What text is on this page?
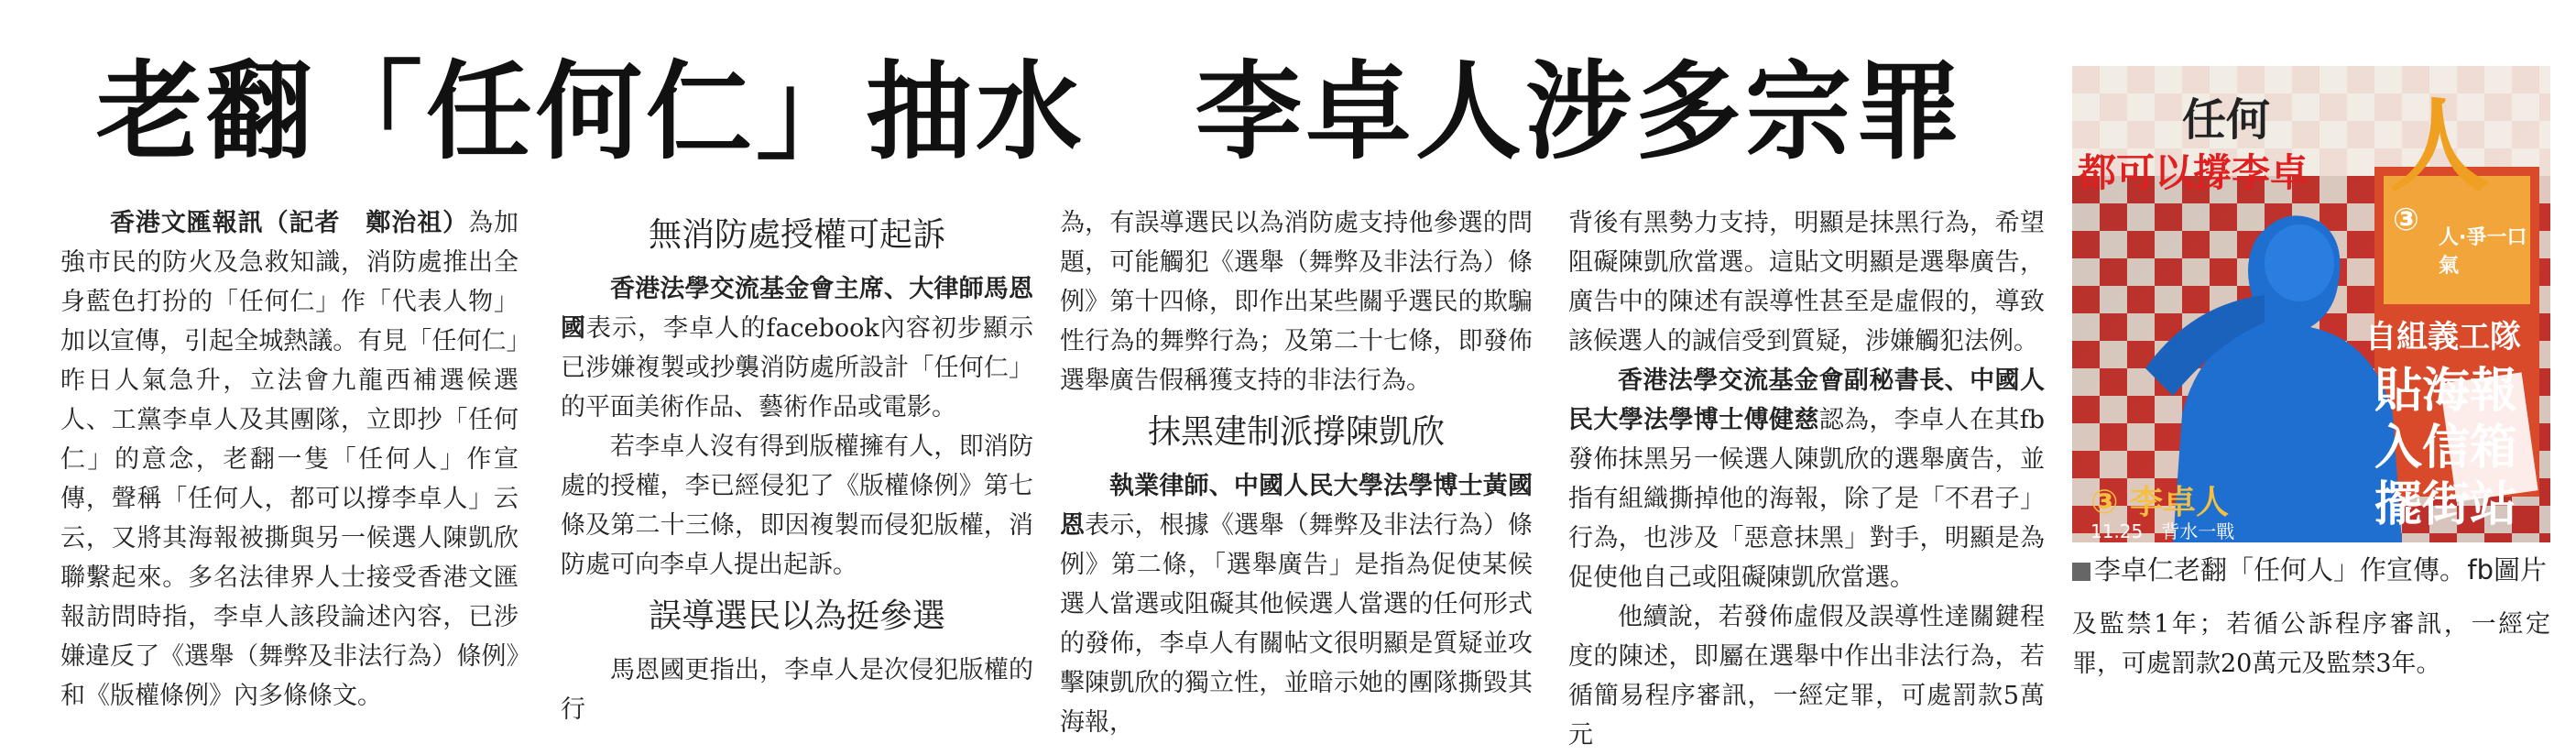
老翻「任何仁」抽水　李卓人涉多宗罪

香港文匯報訊（記者　鄭治祖）為加強市民的防火及急救知識，消防處推出全身藍色打扮的「任何仁」作「代表人物」加以宣傳，引起全城熱議。有見「任何仁」昨日人氣急升，立法會九龍西補選候選人、工黨李卓人及其團隊，立即抄「任何仁」的意念，老翻一隻「任何人」作宣傳，聲稱「任何人，都可以撐李卓人」云云，又將其海報被撕與另一候選人陳凱欣聯繫起來。多名法律界人士接受香港文匯報訪問時指，李卓人該段論述內容，已涉嫌違反了《選舉（舞弊及非法行為）條例》和《版權條例》內多條條文。

無消防處授權可起訴

香港法學交流基金會主席、大律師馬恩國表示，李卓人的facebook內容初步顯示已涉嫌複製或抄襲消防處所設計「任何仁」的平面美術作品、藝術作品或電影。

若李卓人沒有得到版權擁有人，即消防處的授權，李已經侵犯了《版權條例》第七條及第二十三條，即因複製而侵犯版權，消防處可向李卓人提出起訴。

誤導選民以為挺參選

馬恩國更指出，李卓人是次侵犯版權的行

為，有誤導選民以為消防處支持他參選的問題，可能觸犯《選舉（舞弊及非法行為）條例》第十四條，即作出某些關乎選民的欺騙性行為的舞弊行為；及第二十七條，即發佈選舉廣告假稱獲支持的非法行為。

抹黑建制派撐陳凱欣

執業律師、中國人民大學法學博士黃國恩表示，根據《選舉（舞弊及非法行為）條例》第二條，「選舉廣告」是指為促使某候選人當選或阻礙其他候選人當選的任何形式的發佈，李卓人有關帖文很明顯是質疑並攻擊陳凱欣的獨立性，並暗示她的團隊撕毀其海報，

背後有黑勢力支持，明顯是抹黑行為，希望阻礙陳凱欣當選。這貼文明顯是選舉廣告，廣告中的陳述有誤導性甚至是虛假的，導致該候選人的誠信受到質疑，涉嫌觸犯法例。

香港法學交流基金會副秘書長、中國人民大學法學博士傅健慈認為，李卓人在其fb發佈抹黑另一候選人陳凱欣的選舉廣告，並指有組織撕掉他的海報，除了是「不君子」行為，也涉及「惡意抹黑」對手，明顯是為促使他自己或阻礙陳凱欣當選。

他續說，若發佈虛假及誤導性達關鍵程度的陳述，即屬在選舉中作出非法行為，若循簡易程序審訊，一經定罪，可處罰款5萬元

任何
都可以撐李卓 人
③ 人·爭一口氣
自組義工隊
貼海報
入信箱
擺街站
③ 李卓人
11.25　背水一戰
李卓仁老翻「任何人」作宣傳。 fb圖片

及監禁1年；若循公訴程序審訊，一經定罪，可處罰款20萬元及監禁3年。
